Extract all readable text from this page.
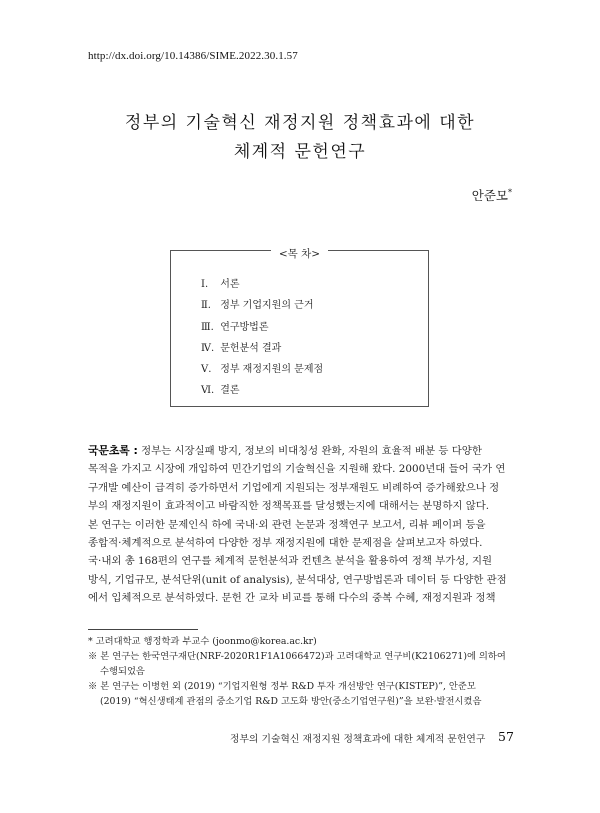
http://dx.doi.org/10.14386/SIME.2022.30.1.57
정부의 기술혁신 재정지원 정책효과에 대한
체계적 문헌연구
안준모*
<목 차>
Ⅰ. 서론
Ⅱ. 정부 기업지원의 근거
Ⅲ. 연구방법론
Ⅳ. 문헌분석 결과
Ⅴ. 정부 재정지원의 문제점
Ⅵ. 결론
국문초록 : 정부는 시장실패 방지, 정보의 비대칭성 완화, 자원의 효율적 배분 등 다양한
목적을 가지고 시장에 개입하여 민간기업의 기술혁신을 지원해 왔다. 2000년대 들어 국가 연
구개발 예산이 급격히 증가하면서 기업에게 지원되는 정부재원도 비례하여 증가해왔으나 정
부의 재정지원이 효과적이고 바람직한 정책목표를 달성했는지에 대해서는 분명하지 않다.
본 연구는 이러한 문제인식 하에 국내·외 관련 논문과 정책연구 보고서, 리뷰 페이퍼 등을
종합적·체계적으로 분석하여 다양한 정부 재정지원에 대한 문제점을 살펴보고자 하였다.
국·내외 총 168편의 연구를 체계적 문헌분석과 컨텐츠 분석을 활용하여 정책 부가성, 지원
방식, 기업규모, 분석단위(unit of analysis), 분석대상, 연구방법론과 데이터 등 다양한 관점
에서 입체적으로 분석하였다. 문헌 간 교차 비교를 통해 다수의 중복 수혜, 재정지원과 정책
* 고려대학교 행정학과 부교수 (joonmo@korea.ac.kr)
※ 본 연구는 한국연구재단(NRF-2020R1F1A1066472)과 고려대학교 연구비(K2106271)에 의하여
수행되었음
※ 본 연구는 이병헌 외 (2019) “기업지원형 정부 R&D 투자 개선방안 연구(KISTEP)”, 안준모
(2019) “혁신생태계 관점의 중소기업 R&D 고도화 방안(중소기업연구원)”을 보완·발전시켰음
정부의 기술혁신 재정지원 정책효과에 대한 체계적 문헌연구 57
